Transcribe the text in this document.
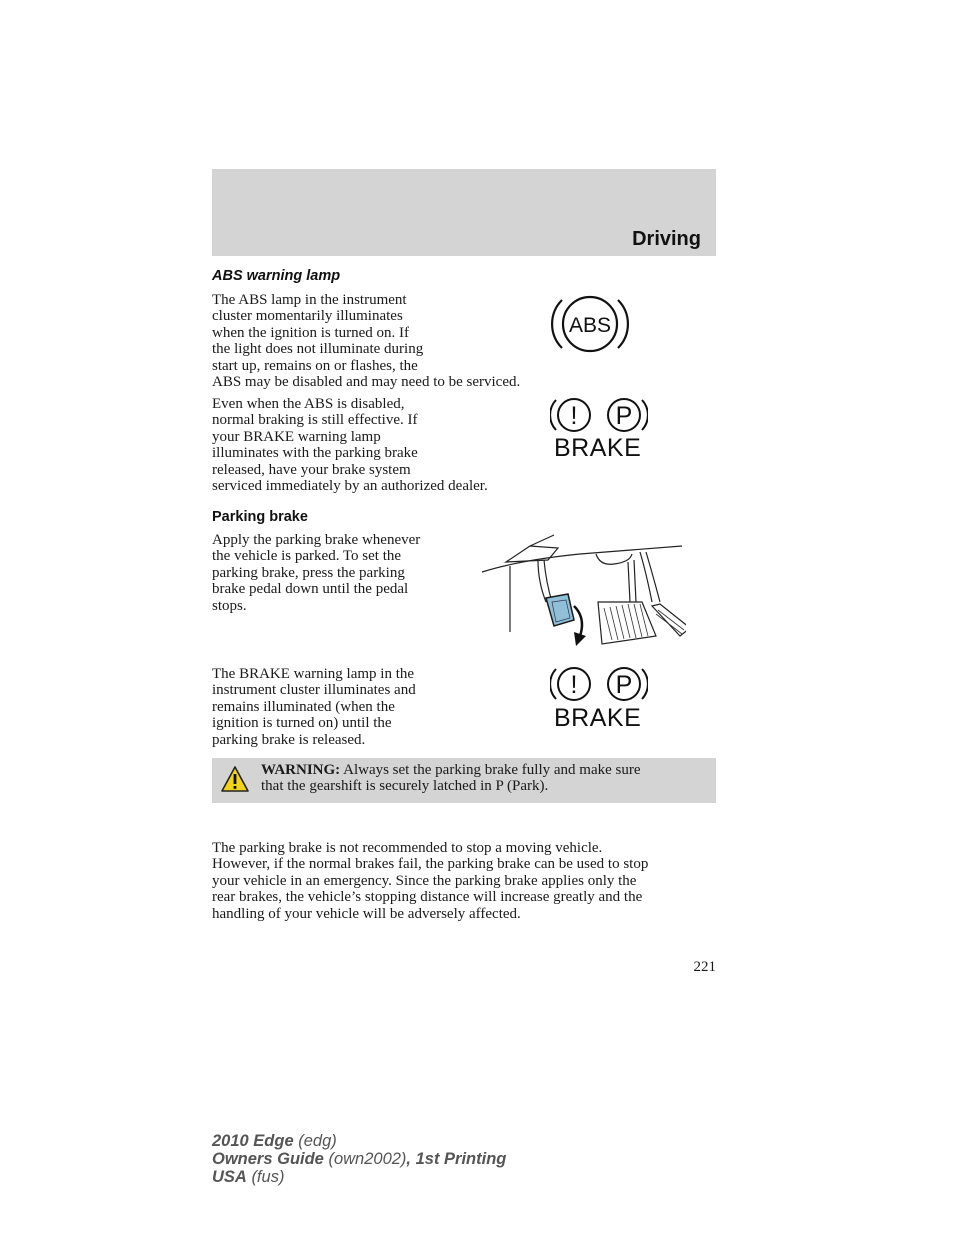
Driving
ABS warning lamp

The ABS lamp in the instrument

cluster momentarily illuminates

when the ignition is turned on. If

the light does not illuminate during

start up, remains on or flashes, the

ABS may be disabled and may need to be serviced.

ABS

Even when the ABS is disabled,

normal braking is still effective. If

your BRAKE warning lamp

illuminates with the parking brake

released, have your brake system

serviced immediately by an authorized dealer.

! P
BRAKE
Parking brake

Apply the parking brake whenever

the vehicle is parked. To set the

parking brake, press the parking

brake pedal down until the pedal

stops.

The BRAKE warning lamp in the

instrument cluster illuminates and

remains illuminated (when the

ignition is turned on) until the

parking brake is released.

! P
BRAKE
WARNING: Always set the parking brake fully and make sure
that the gearshift is securely latched in P (Park).

The parking brake is not recommended to stop a moving vehicle.

However, if the normal brakes fail, the parking brake can be used to stop

your vehicle in an emergency. Since the parking brake applies only the

rear brakes, the vehicle’s stopping distance will increase greatly and the

handling of your vehicle will be adversely affected.

221
2010 Edge (edg)
Owners Guide (own2002), 1st Printing
USA (fus)
